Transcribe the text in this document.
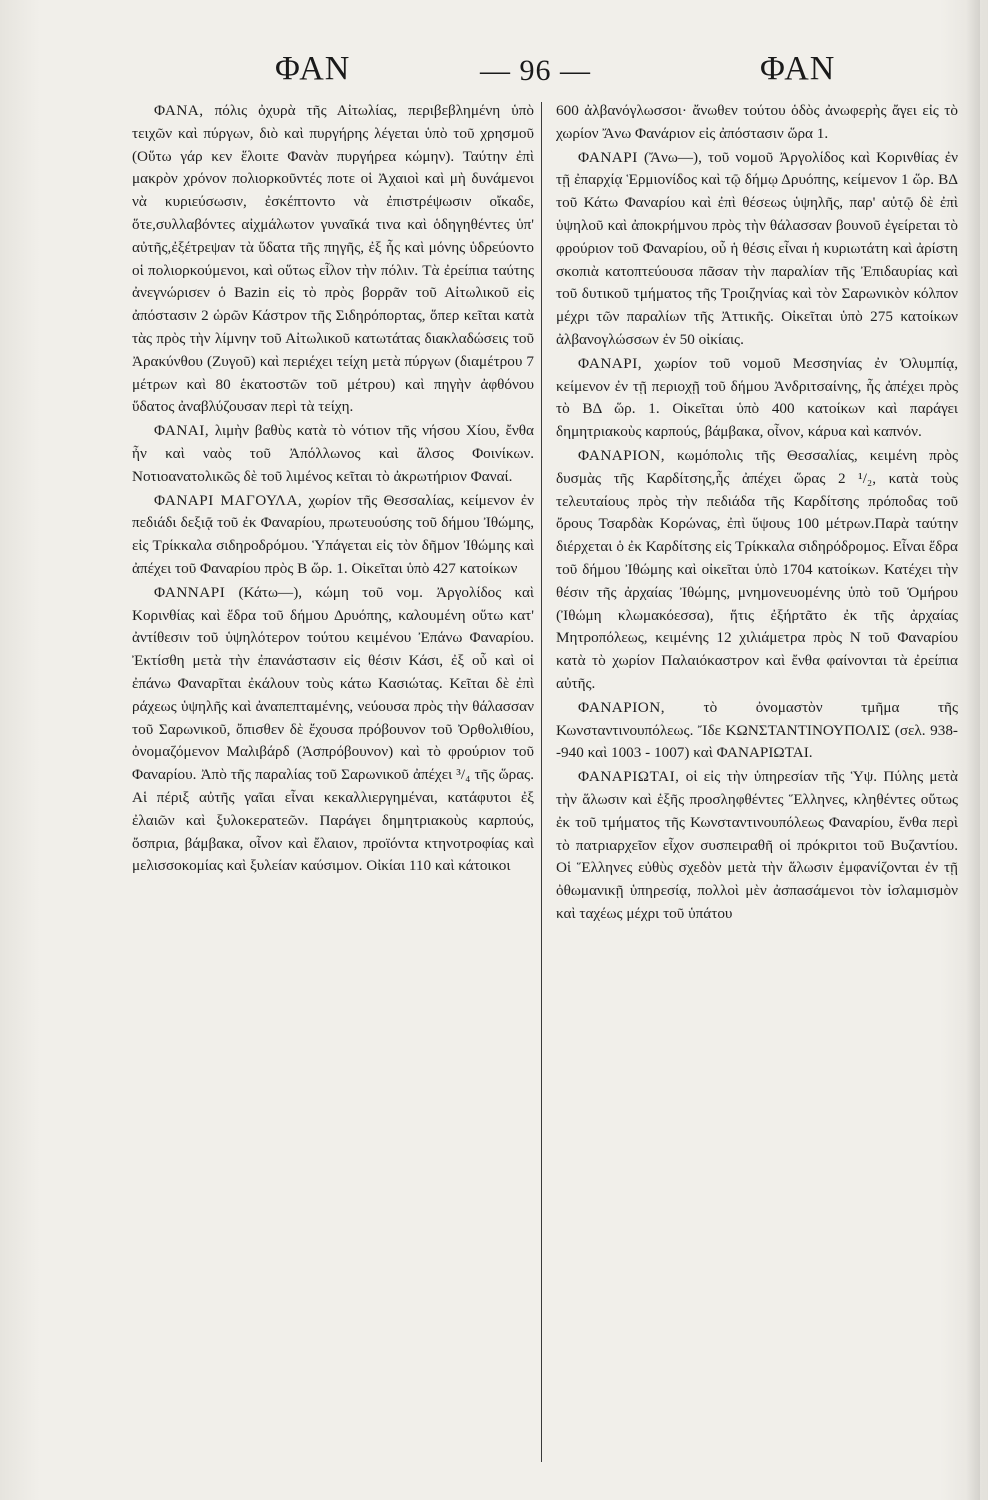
ΦΑΝ	— 96 —	ΦΑΝ

ΦΑΝΑ, πόλις ὀχυρὰ τῆς Αἰτωλίας, περιβεβλημένη ὑπὸ τειχῶν καὶ πύργων, διὸ καὶ πυργήρης λέγεται ὑπὸ τοῦ χρησμοῦ (Οὕτω γάρ κεν ἕλοιτε Φανὰν πυργήρεα κώμην). Ταύτην ἐπὶ μακρὸν χρόνον πολιορκοῦντές ποτε οἱ Ἀχαιοὶ καὶ μὴ δυνάμενοι νὰ κυριεύσωσιν, ἐσκέπτοντο νὰ ἐπιστρέψωσιν οἴκαδε, ὅτε,συλλαβόντες αἰχμάλωτον γυναῖκά τινα καὶ ὁδηγηθέντες ὑπ' αὐτῆς,ἐξέτρεψαν τὰ ὕδατα τῆς πηγῆς, ἐξ ἧς καὶ μόνης ὑδρεύοντο οἱ πολιορκούμενοι, καὶ οὕτως εἷλον τὴν πόλιν. Τὰ ἐρείπια ταύτης ἀνεγνώρισεν ὁ Bazin εἰς τὸ πρὸς βορρᾶν τοῦ Αἰτωλικοῦ εἰς ἀπόστασιν 2 ὡρῶν Κάστρον τῆς Σιδηρόπορτας, ὅπερ κεῖται κατὰ τὰς πρὸς τὴν λίμνην τοῦ Αἰτωλικοῦ κατωτάτας διακλαδώσεις τοῦ Ἀρακύνθου (Ζυγοῦ) καὶ περιέχει τείχη μετὰ πύργων (διαμέτρου 7 μέτρων καὶ 80 ἑκατοστῶν τοῦ μέτρου) καὶ πηγὴν ἀφθόνου ὕδατος ἀναβλύζουσαν περὶ τὰ τείχη.

ΦΑΝΑΙ, λιμὴν βαθὺς κατὰ τὸ νότιον τῆς νήσου Χίου, ἔνθα ἦν καὶ ναὸς τοῦ Ἀπόλλωνος καὶ ἄλσος Φοινίκων. Νοτιοανατολικῶς δὲ τοῦ λιμένος κεῖται τὸ ἀκρωτήριον Φαναί.

ΦΑΝΑΡΙ ΜΑΓΟΥΛΑ, χωρίον τῆς Θεσσαλίας, κείμενον ἐν πεδιάδι δεξιᾷ τοῦ ἐκ Φαναρίου, πρωτευούσης τοῦ δήμου Ἰθώμης, εἰς Τρίκκαλα σιδηροδρόμου. Ὑπάγεται εἰς τὸν δῆμον Ἰθώμης καὶ ἀπέχει τοῦ Φαναρίου πρὸς Β ὥρ. 1. Οἰκεῖται ὑπὸ 427 κατοίκων

ΦΑΝΝΑΡΙ (Κάτω—), κώμη τοῦ νομ. Ἀργολίδος καὶ Κορινθίας καὶ ἕδρα τοῦ δήμου Δρυόπης, καλουμένη οὕτω κατ' ἀντίθεσιν τοῦ ὑψηλότερον τούτου κειμένου Ἐπάνω Φαναρίου. Ἐκτίσθη μετὰ τὴν ἐπανάστασιν εἰς θέσιν Κάσι, ἐξ οὗ καὶ οἱ ἐπάνω Φαναρῖται ἐκάλουν τοὺς κάτω Κασιώτας. Κεῖται δὲ ἐπὶ ράχεως ὑψηλῆς καὶ ἀναπεπταμένης, νεύουσα πρὸς τὴν θάλασσαν τοῦ Σαρωνικοῦ, ὄπισθεν δὲ ἔχουσα πρόβουνον τοῦ Ὀρθολιθίου, ὀνομαζόμενον Μαλιβάρδ (Ἀσπρόβουνον) καὶ τὸ φρούριον τοῦ Φαναρίου. Ἀπὸ τῆς παραλίας τοῦ Σαρωνικοῦ ἀπέχει ³/₄ τῆς ὥρας. Αἱ πέριξ αὐτῆς γαῖαι εἶναι κεκαλλιεργημέναι, κατάφυτοι ἐξ ἐλαιῶν καὶ ξυλοκερατεῶν. Παράγει δημητριακοὺς καρπούς, ὄσπρια, βάμβακα, οἶνον καὶ ἔλαιον, προϊόντα κτηνοτροφίας καὶ μελισσοκομίας καὶ ξυλείαν καύσιμον. Οἰκίαι 110 καὶ κάτοικοι

600 ἀλβανόγλωσσοι· ἄνωθεν τούτου ὁδὸς ἀνωφερὴς ἄγει εἰς τὸ χωρίον Ἄνω Φανάριον εἰς ἀπόστασιν ὥρα 1.

ΦΑΝΑΡΙ (Ἄνω—), τοῦ νομοῦ Ἀργολίδος καὶ Κορινθίας ἐν τῇ ἐπαρχίᾳ Ἑρμιονίδος καὶ τῷ δήμῳ Δρυόπης, κείμενον 1 ὥρ. ΒΔ τοῦ Κάτω Φαναρίου καὶ ἐπὶ θέσεως ὑψηλῆς, παρ' αὐτῷ δὲ ἐπὶ ὑψηλοῦ καὶ ἀποκρήμνου πρὸς τὴν θάλασσαν βουνοῦ ἐγείρεται τὸ φρούριον τοῦ Φαναρίου, οὗ ἡ θέσις εἶναι ἡ κυριωτάτη καὶ ἀρίστη σκοπιὰ κατοπτεύουσα πᾶσαν τὴν παραλίαν τῆς Ἐπιδαυρίας καὶ τοῦ δυτικοῦ τμήματος τῆς Τροιζηνίας καὶ τὸν Σαρωνικὸν κόλπον μέχρι τῶν παραλίων τῆς Ἀττικῆς. Οἰκεῖται ὑπὸ 275 κατοίκων ἀλβανογλώσσων ἐν 50 οἰκίαις.

ΦΑΝΑΡΙ, χωρίον τοῦ νομοῦ Μεσσηνίας ἐν Ὀλυμπίᾳ, κείμενον ἐν τῇ περιοχῇ τοῦ δήμου Ἀνδριτσαίνης, ἧς ἀπέχει πρὸς τὸ ΒΔ ὥρ. 1. Οἰκεῖται ὑπὸ 400 κατοίκων καὶ παράγει δημητριακοὺς καρπούς, βάμβακα, οἶνον, κάρυα καὶ καπνόν.

ΦΑΝΑΡΙΟΝ, κωμόπολις τῆς Θεσσαλίας, κειμένη πρὸς δυσμὰς τῆς Καρδίτσης,ἧς ἀπέχει ὥρας 2 ¹/₂, κατὰ τοὺς τελευταίους πρὸς τὴν πεδιάδα τῆς Καρδίτσης πρόποδας τοῦ ὄρους Τσαρδὰκ Κορώνας, ἐπὶ ὕψους 100 μέτρων.Παρὰ ταύτην διέρχεται ὁ ἐκ Καρδίτσης εἰς Τρίκκαλα σιδηρόδρομος. Εἶναι ἕδρα τοῦ δήμου Ἰθώμης καὶ οἰκεῖται ὑπὸ 1704 κατοίκων. Κατέχει τὴν θέσιν τῆς ἀρχαίας Ἰθώμης, μνημονευομένης ὑπὸ τοῦ Ὁμήρου (Ἰθώμη κλωμακόεσσα), ἥτις ἐξήρτᾶτο ἐκ τῆς ἀρχαίας Μητροπόλεως, κειμένης 12 χιλιάμετρα πρὸς Ν τοῦ Φαναρίου κατὰ τὸ χωρίον Παλαιόκαστρον καὶ ἔνθα φαίνονται τὰ ἐρείπια αὐτῆς.

ΦΑΝΑΡΙΟΝ,	τὸ ὀνομαστὸν τμῆμα τῆς Κωνσταντινουπόλεως. Ἴδε ΚΩΝΣΤΑΝΤΙΝΟΥΠΟΛΙΣ (σελ. 938--940 καὶ 1003 - 1007) καὶ ΦΑΝΑΡΙΩΤΑΙ.

ΦΑΝΑΡΙΩΤΑΙ, οἱ εἰς τὴν ὑπηρεσίαν τῆς Ὑψ. Πύλης μετὰ τὴν ἅλωσιν καὶ ἑξῆς προσληφθέντες Ἕλληνες, κληθέντες οὕτως ἐκ τοῦ τμήματος τῆς Κωνσταντινουπόλεως Φαναρίου, ἔνθα περὶ τὸ πατριαρχεῖον εἶχον συσπειραθῆ οἱ πρόκριτοι τοῦ Βυζαντίου. Οἱ Ἕλληνες εὐθὺς σχεδὸν μετὰ τὴν ἅλωσιν ἐμφανίζονται ἐν τῇ ὀθωμανικῇ ὑπηρεσίᾳ, πολλοὶ μὲν ἀσπασάμενοι τὸν ἰσλαμισμὸν καὶ ταχέως μέχρι τοῦ ὑπάτου
